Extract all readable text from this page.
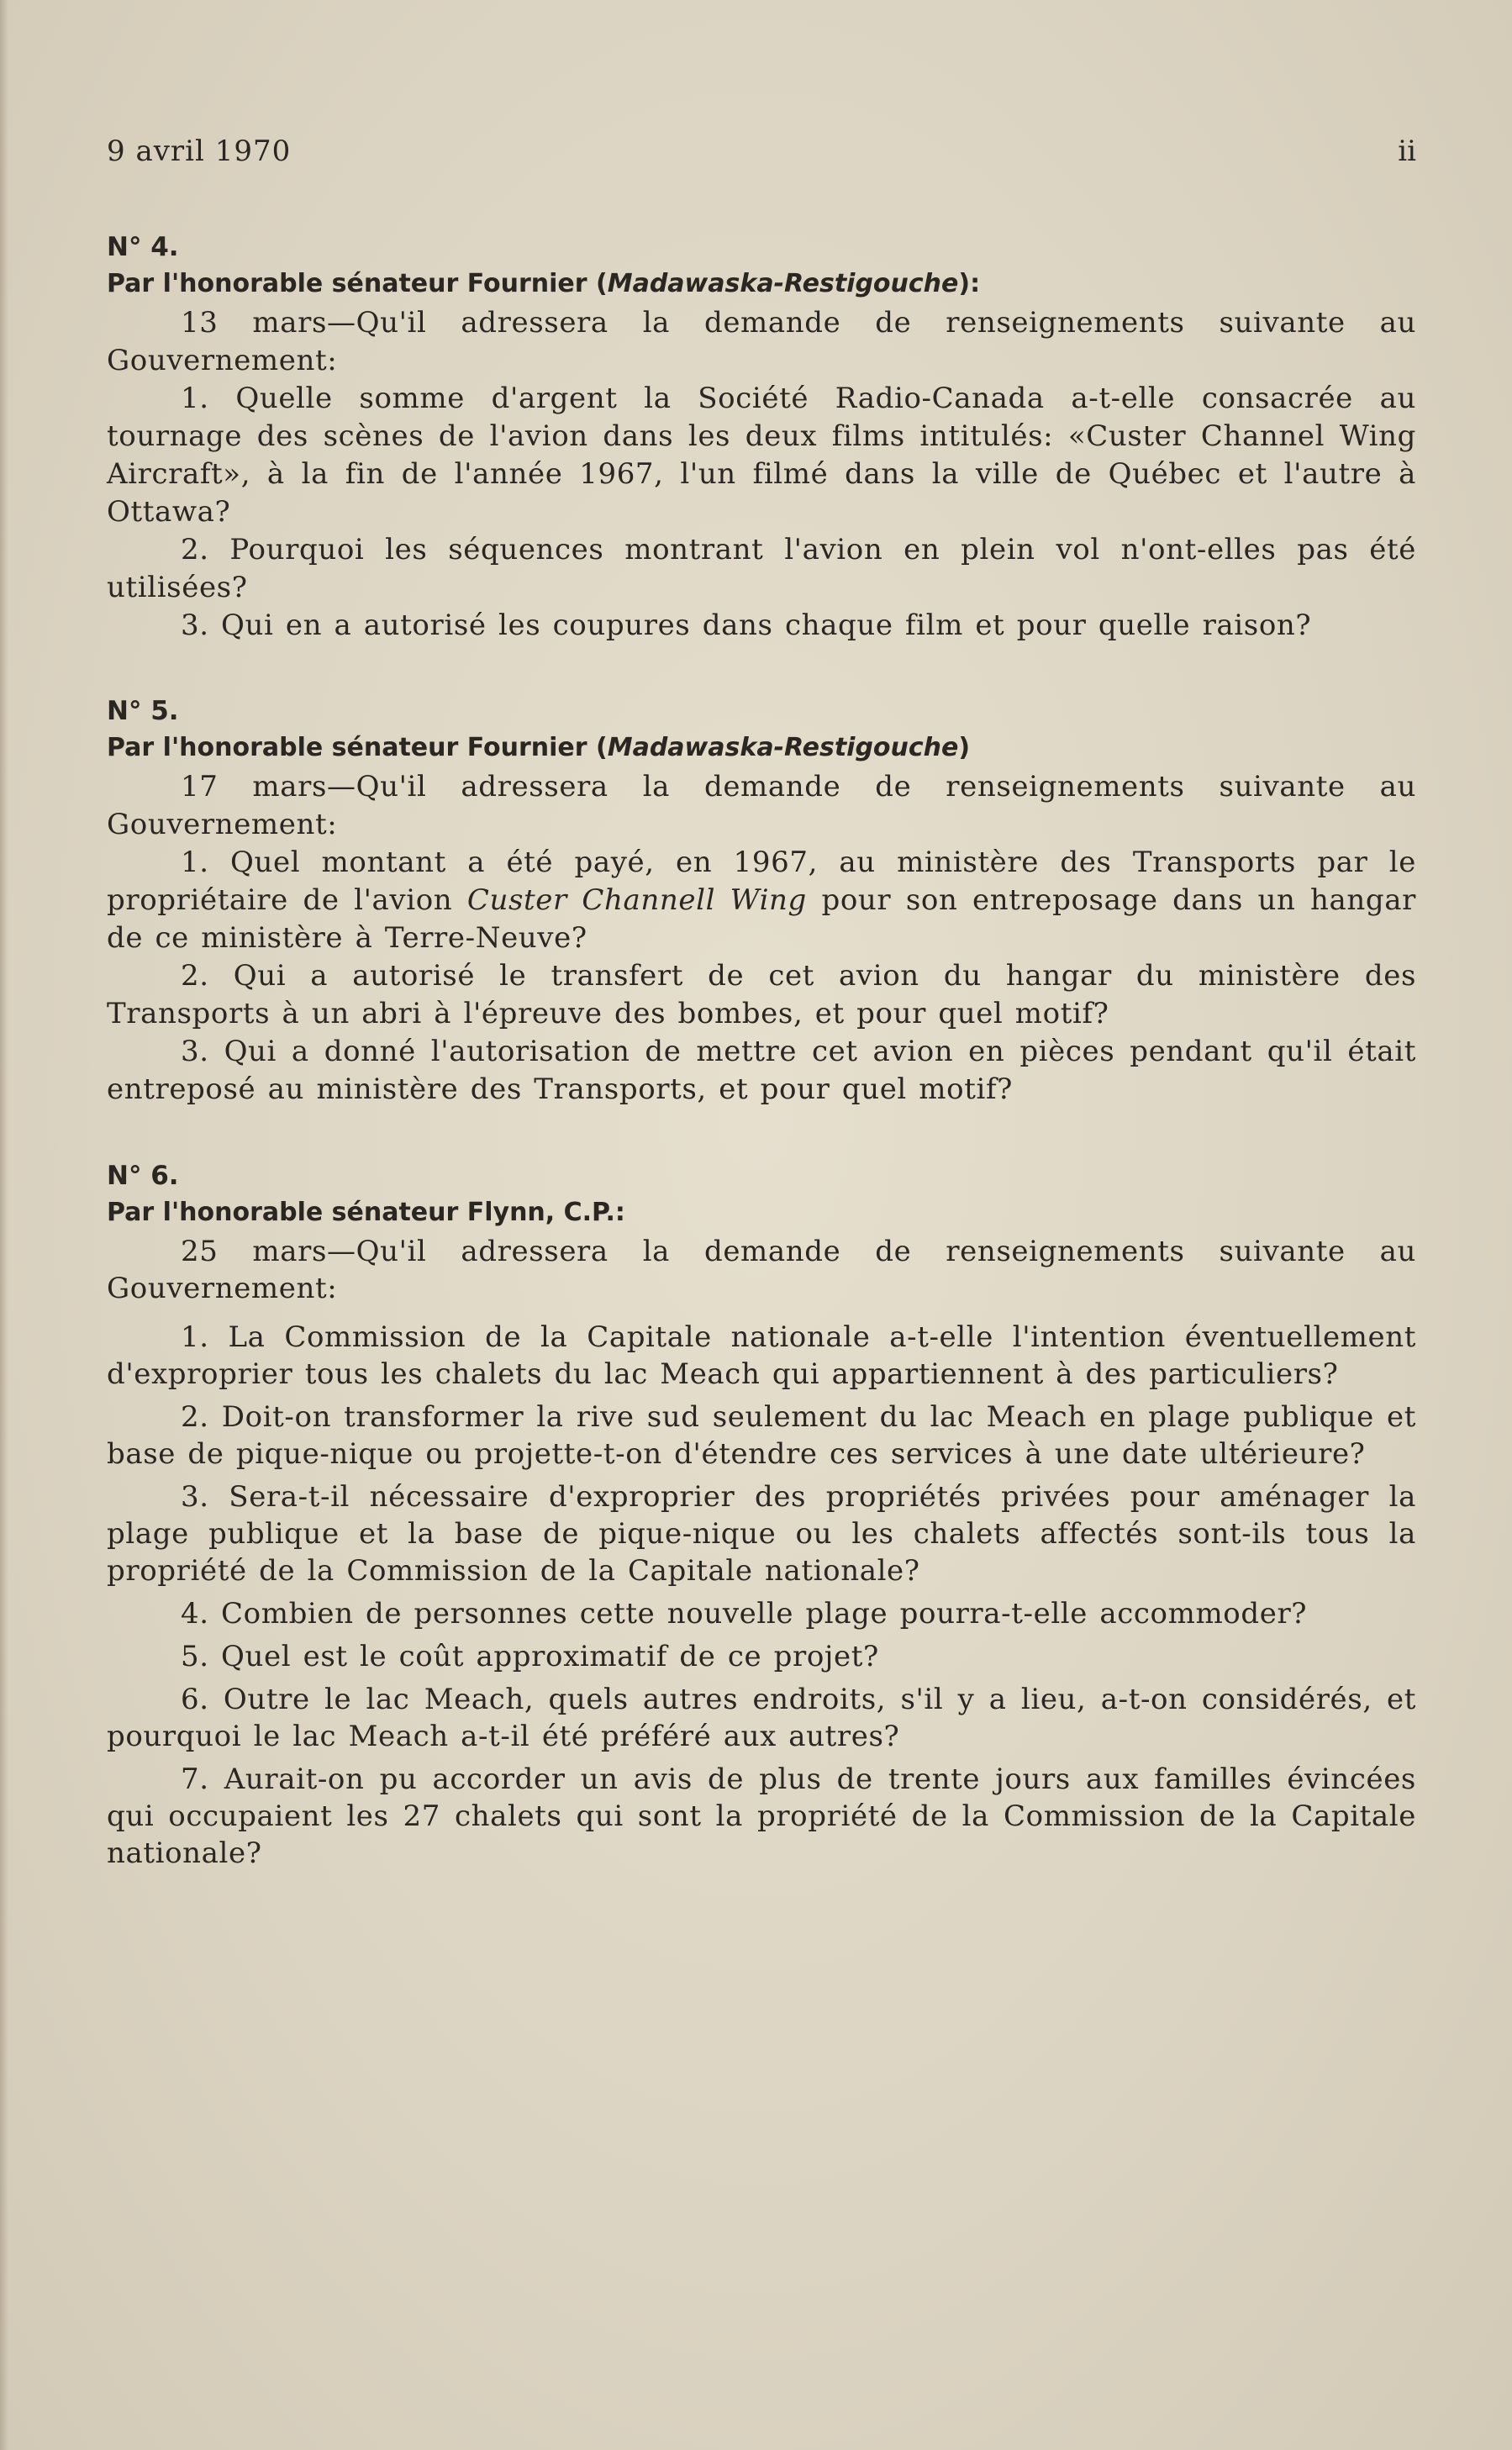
9 avril 1970	ii
N° 4.
Par l'honorable sénateur Fournier (Madawaska-Restigouche):

13 mars—Qu'il adressera la demande de renseignements suivante au Gouvernement:

1. Quelle somme d'argent la Société Radio-Canada a-t-elle consacrée au tournage des scènes de l'avion dans les deux films intitulés: «Custer Channel Wing Aircraft», à la fin de l'année 1967, l'un filmé dans la ville de Québec et l'autre à Ottawa?

2. Pourquoi les séquences montrant l'avion en plein vol n'ont-elles pas été utilisées?

3. Qui en a autorisé les coupures dans chaque film et pour quelle raison?

N° 5.
Par l'honorable sénateur Fournier (Madawaska-Restigouche)

17 mars—Qu'il adressera la demande de renseignements suivante au Gouvernement:

1. Quel montant a été payé, en 1967, au ministère des Transports par le propriétaire de l'avion Custer Channell Wing pour son entreposage dans un hangar de ce ministère à Terre-Neuve?

2. Qui a autorisé le transfert de cet avion du hangar du ministère des Transports à un abri à l'épreuve des bombes, et pour quel motif?

3. Qui a donné l'autorisation de mettre cet avion en pièces pendant qu'il était entreposé au ministère des Transports, et pour quel motif?

N° 6.
Par l'honorable sénateur Flynn, C.P.:

25 mars—Qu'il adressera la demande de renseignements suivante au Gouvernement:

1. La Commission de la Capitale nationale a-t-elle l'intention éventuellement d'exproprier tous les chalets du lac Meach qui appartiennent à des particuliers?

2. Doit-on transformer la rive sud seulement du lac Meach en plage publique et base de pique-nique ou projette-t-on d'étendre ces services à une date ultérieure?

3. Sera-t-il nécessaire d'exproprier des propriétés privées pour aménager la plage publique et la base de pique-nique ou les chalets affectés sont-ils tous la propriété de la Commission de la Capitale nationale?

4. Combien de personnes cette nouvelle plage pourra-t-elle accommoder?

5. Quel est le coût approximatif de ce projet?

6. Outre le lac Meach, quels autres endroits, s'il y a lieu, a-t-on considérés, et pourquoi le lac Meach a-t-il été préféré aux autres?

7. Aurait-on pu accorder un avis de plus de trente jours aux familles évincées qui occupaient les 27 chalets qui sont la propriété de la Commission de la Capitale nationale?
